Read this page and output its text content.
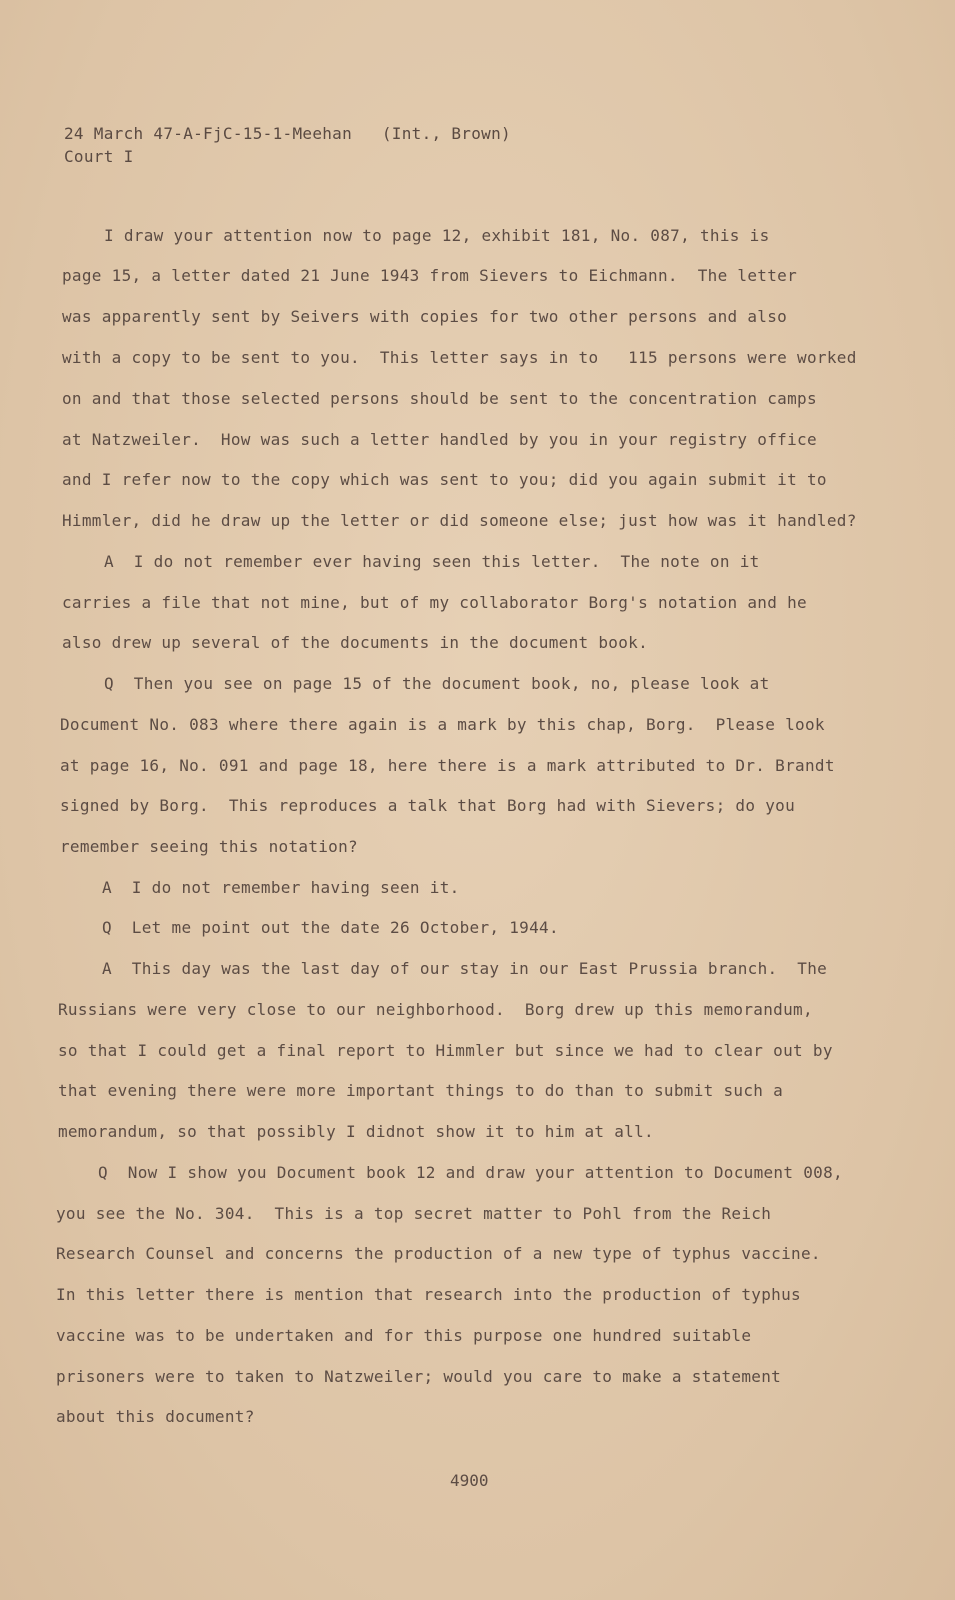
24 March 47-A-FjC-15-1-Meehan   (Int., Brown)
Court I
I draw your attention now to page 12, exhibit 181, No. 087, this is
page 15, a letter dated 21 June 1943 from Sievers to Eichmann.  The letter
was apparently sent by Seivers with copies for two other persons and also
with a copy to be sent to you.  This letter says in to   115 persons were worked
on and that those selected persons should be sent to the concentration camps
at Natzweiler.  How was such a letter handled by you in your registry office
and I refer now to the copy which was sent to you; did you again submit it to
Himmler, did he draw up the letter or did someone else; just how was it handled?
A  I do not remember ever having seen this letter.  The note on it
carries a file that not mine, but of my collaborator Borg's notation and he
also drew up several of the documents in the document book.
Q  Then you see on page 15 of the document book, no, please look at
Document No. 083 where there again is a mark by this chap, Borg.  Please look
at page 16, No. 091 and page 18, here there is a mark attributed to Dr. Brandt
signed by Borg.  This reproduces a talk that Borg had with Sievers; do you
remember seeing this notation?
A  I do not remember having seen it.
Q  Let me point out the date 26 October, 1944.
A  This day was the last day of our stay in our East Prussia branch.  The
Russians were very close to our neighborhood.  Borg drew up this memorandum,
so that I could get a final report to Himmler but since we had to clear out by
that evening there were more important things to do than to submit such a
memorandum, so that possibly I didnot show it to him at all.
Q  Now I show you Document book 12 and draw your attention to Document 008,
you see the No. 304.  This is a top secret matter to Pohl from the Reich
Research Counsel and concerns the production of a new type of typhus vaccine.
In this letter there is mention that research into the production of typhus
vaccine was to be undertaken and for this purpose one hundred suitable
prisoners were to taken to Natzweiler; would you care to make a statement
about this document?
4900
